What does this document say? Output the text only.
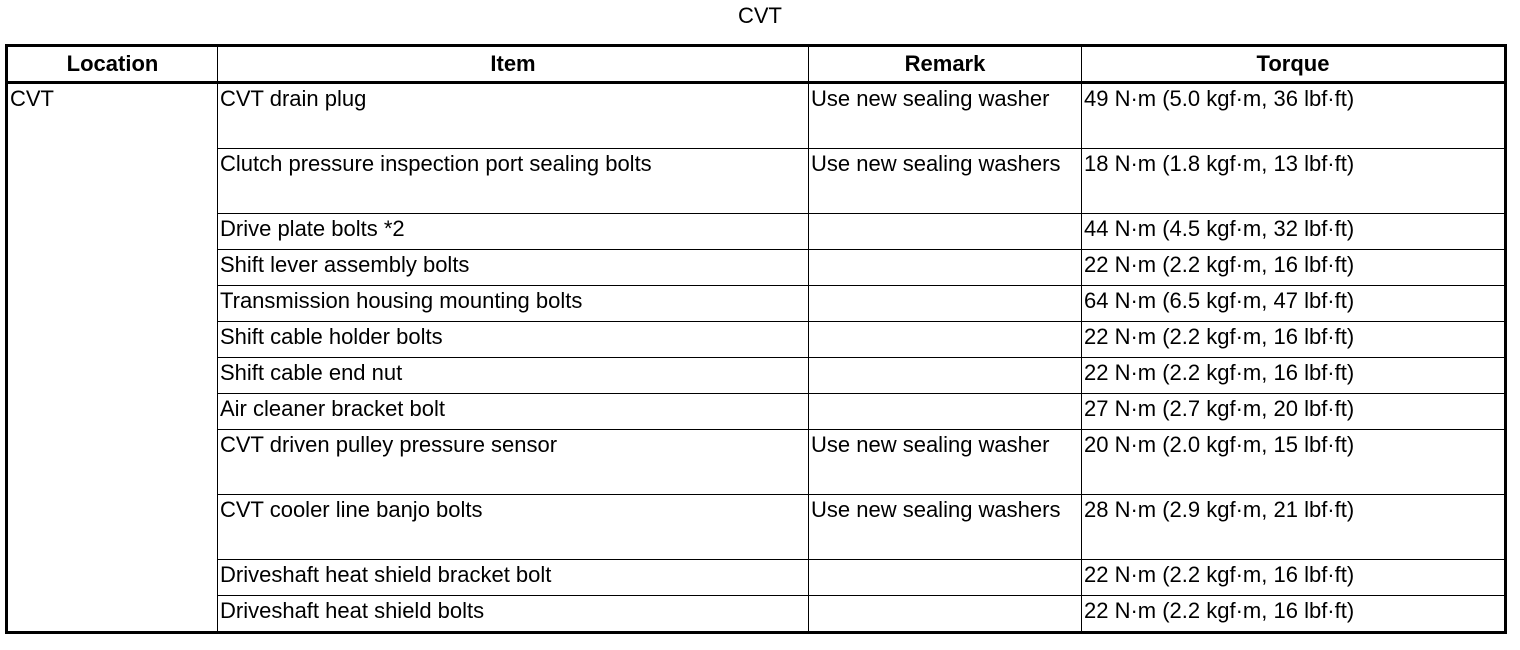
CVT
Location	Item	Remark	Torque
CVT	CVT drain plug	Use new sealing washer	49 N·m (5.0 kgf·m, 36 lbf·ft)
	Clutch pressure inspection port sealing bolts	Use new sealing washers	18 N·m (1.8 kgf·m, 13 lbf·ft)
	Drive plate bolts *2		44 N·m (4.5 kgf·m, 32 lbf·ft)
	Shift lever assembly bolts		22 N·m (2.2 kgf·m, 16 lbf·ft)
	Transmission housing mounting bolts		64 N·m (6.5 kgf·m, 47 lbf·ft)
	Shift cable holder bolts		22 N·m (2.2 kgf·m, 16 lbf·ft)
	Shift cable end nut		22 N·m (2.2 kgf·m, 16 lbf·ft)
	Air cleaner bracket bolt		27 N·m (2.7 kgf·m, 20 lbf·ft)
	CVT driven pulley pressure sensor	Use new sealing washer	20 N·m (2.0 kgf·m, 15 lbf·ft)
	CVT cooler line banjo bolts	Use new sealing washers	28 N·m (2.9 kgf·m, 21 lbf·ft)
	Driveshaft heat shield bracket bolt		22 N·m (2.2 kgf·m, 16 lbf·ft)
	Driveshaft heat shield bolts		22 N·m (2.2 kgf·m, 16 lbf·ft)
